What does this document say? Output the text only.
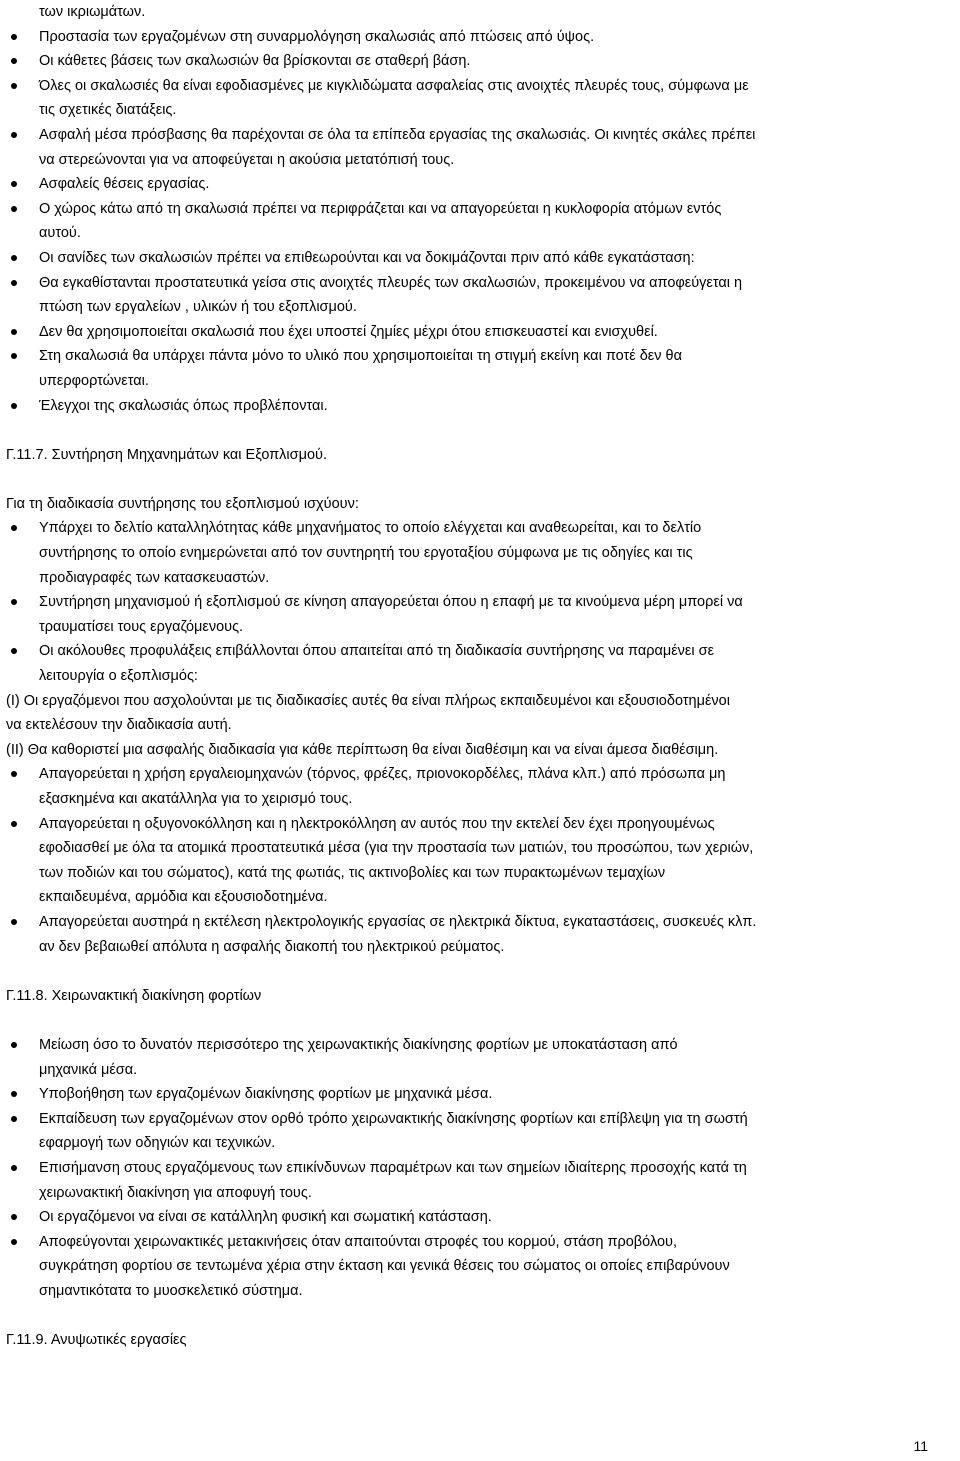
των ικριωμάτων.
Προστασία των εργαζομένων στη συναρμολόγηση σκαλωσιάς από πτώσεις από ύψος.
Οι κάθετες βάσεις των σκαλωσιών θα βρίσκονται σε σταθερή βάση.
Όλες οι σκαλωσιές θα είναι εφοδιασμένες με κιγκλιδώματα ασφαλείας στις ανοιχτές πλευρές τους, σύμφωνα με
τις σχετικές διατάξεις.
Ασφαλή μέσα πρόσβασης θα παρέχονται σε όλα τα επίπεδα εργασίας της σκαλωσιάς. Οι κινητές σκάλες πρέπει
να στερεώνονται για να αποφεύγεται η ακούσια μετατόπισή τους.
Ασφαλείς θέσεις εργασίας.
Ο χώρος κάτω από τη σκαλωσιά πρέπει να περιφράζεται και να απαγορεύεται η κυκλοφορία ατόμων εντός
αυτού.
Οι σανίδες των σκαλωσιών πρέπει να επιθεωρούνται και να δοκιμάζονται πριν από κάθε εγκατάσταση:
Θα εγκαθίστανται προστατευτικά γείσα στις ανοιχτές πλευρές των σκαλωσιών, προκειμένου να αποφεύγεται η
πτώση των εργαλείων , υλικών ή του εξοπλισμού.
Δεν θα χρησιμοποιείται σκαλωσιά που έχει υποστεί ζημίες μέχρι ότου επισκευαστεί και ενισχυθεί.
Στη σκαλωσιά θα υπάρχει πάντα μόνο το υλικό που χρησιμοποιείται τη στιγμή εκείνη και ποτέ δεν θα
υπερφορτώνεται.
Έλεγχοι της σκαλωσιάς όπως προβλέπονται.
Γ.11.7. Συντήρηση Μηχανημάτων και Εξοπλισμού.
Για τη διαδικασία συντήρησης του εξοπλισμού ισχύουν:
Υπάρχει το δελτίο καταλληλότητας κάθε μηχανήματος το οποίο ελέγχεται και αναθεωρείται, και το δελτίο
συντήρησης το οποίο ενημερώνεται από τον συντηρητή του εργοταξίου σύμφωνα με τις οδηγίες και τις
προδιαγραφές των κατασκευαστών.
Συντήρηση μηχανισμού ή εξοπλισμού σε κίνηση απαγορεύεται όπου η επαφή με τα κινούμενα μέρη μπορεί να
τραυματίσει τους εργαζόμενους.
Οι ακόλουθες προφυλάξεις επιβάλλονται όπου απαιτείται από τη διαδικασία συντήρησης να παραμένει σε
λειτουργία ο εξοπλισμός:
(I) Οι εργαζόμενοι που ασχολούνται με τις διαδικασίες αυτές θα είναι πλήρως εκπαιδευμένοι και εξουσιοδοτημένοι
να εκτελέσουν την διαδικασία αυτή.
(II) Θα καθοριστεί μια ασφαλής διαδικασία για κάθε περίπτωση θα είναι διαθέσιμη και να είναι άμεσα διαθέσιμη.
Απαγορεύεται η χρήση εργαλειομηχανών (τόρνος, φρέζες, πριονοκορδέλες, πλάνα κλπ.) από πρόσωπα μη
εξασκημένα και ακατάλληλα για το χειρισμό τους.
Απαγορεύεται η οξυγονοκόλληση και η ηλεκτροκόλληση αν αυτός που την εκτελεί δεν έχει προηγουμένως
εφοδιασθεί με όλα τα ατομικά προστατευτικά μέσα (για την προστασία των ματιών, του προσώπου, των χεριών,
των ποδιών και του σώματος), κατά της φωτιάς, τις ακτινοβολίες και των πυρακτωμένων τεμαχίων
εκπαιδευμένα, αρμόδια και εξουσιοδοτημένα.
Απαγορεύεται αυστηρά η εκτέλεση ηλεκτρολογικής εργασίας σε ηλεκτρικά δίκτυα, εγκαταστάσεις, συσκευές κλπ.
αν δεν βεβαιωθεί απόλυτα η ασφαλής διακοπή του ηλεκτρικού ρεύματος.
Γ.11.8. Χειρωνακτική διακίνηση φορτίων
Μείωση όσο το δυνατόν περισσότερο της χειρωνακτικής διακίνησης φορτίων με υποκατάσταση από
μηχανικά μέσα.
Υποβοήθηση των εργαζομένων διακίνησης φορτίων με μηχανικά μέσα.
Εκπαίδευση των εργαζομένων στον ορθό τρόπο χειρωνακτικής διακίνησης φορτίων και επίβλεψη για τη σωστή
εφαρμογή των οδηγιών και τεχνικών.
Επισήμανση στους εργαζόμενους των επικίνδυνων παραμέτρων και των σημείων ιδιαίτερης προσοχής κατά τη
χειρωνακτική διακίνηση για αποφυγή τους.
Οι εργαζόμενοι να είναι σε κατάλληλη φυσική και σωματική κατάσταση.
Αποφεύγονται χειρωνακτικές μετακινήσεις όταν απαιτούνται στροφές του κορμού, στάση προβόλου,
συγκράτηση φορτίου σε τεντωμένα χέρια στην έκταση και γενικά θέσεις του σώματος οι οποίες επιβαρύνουν
σημαντικότατα το μυοσκελετικό σύστημα.
Γ.11.9. Ανυψωτικές εργασίες
11
